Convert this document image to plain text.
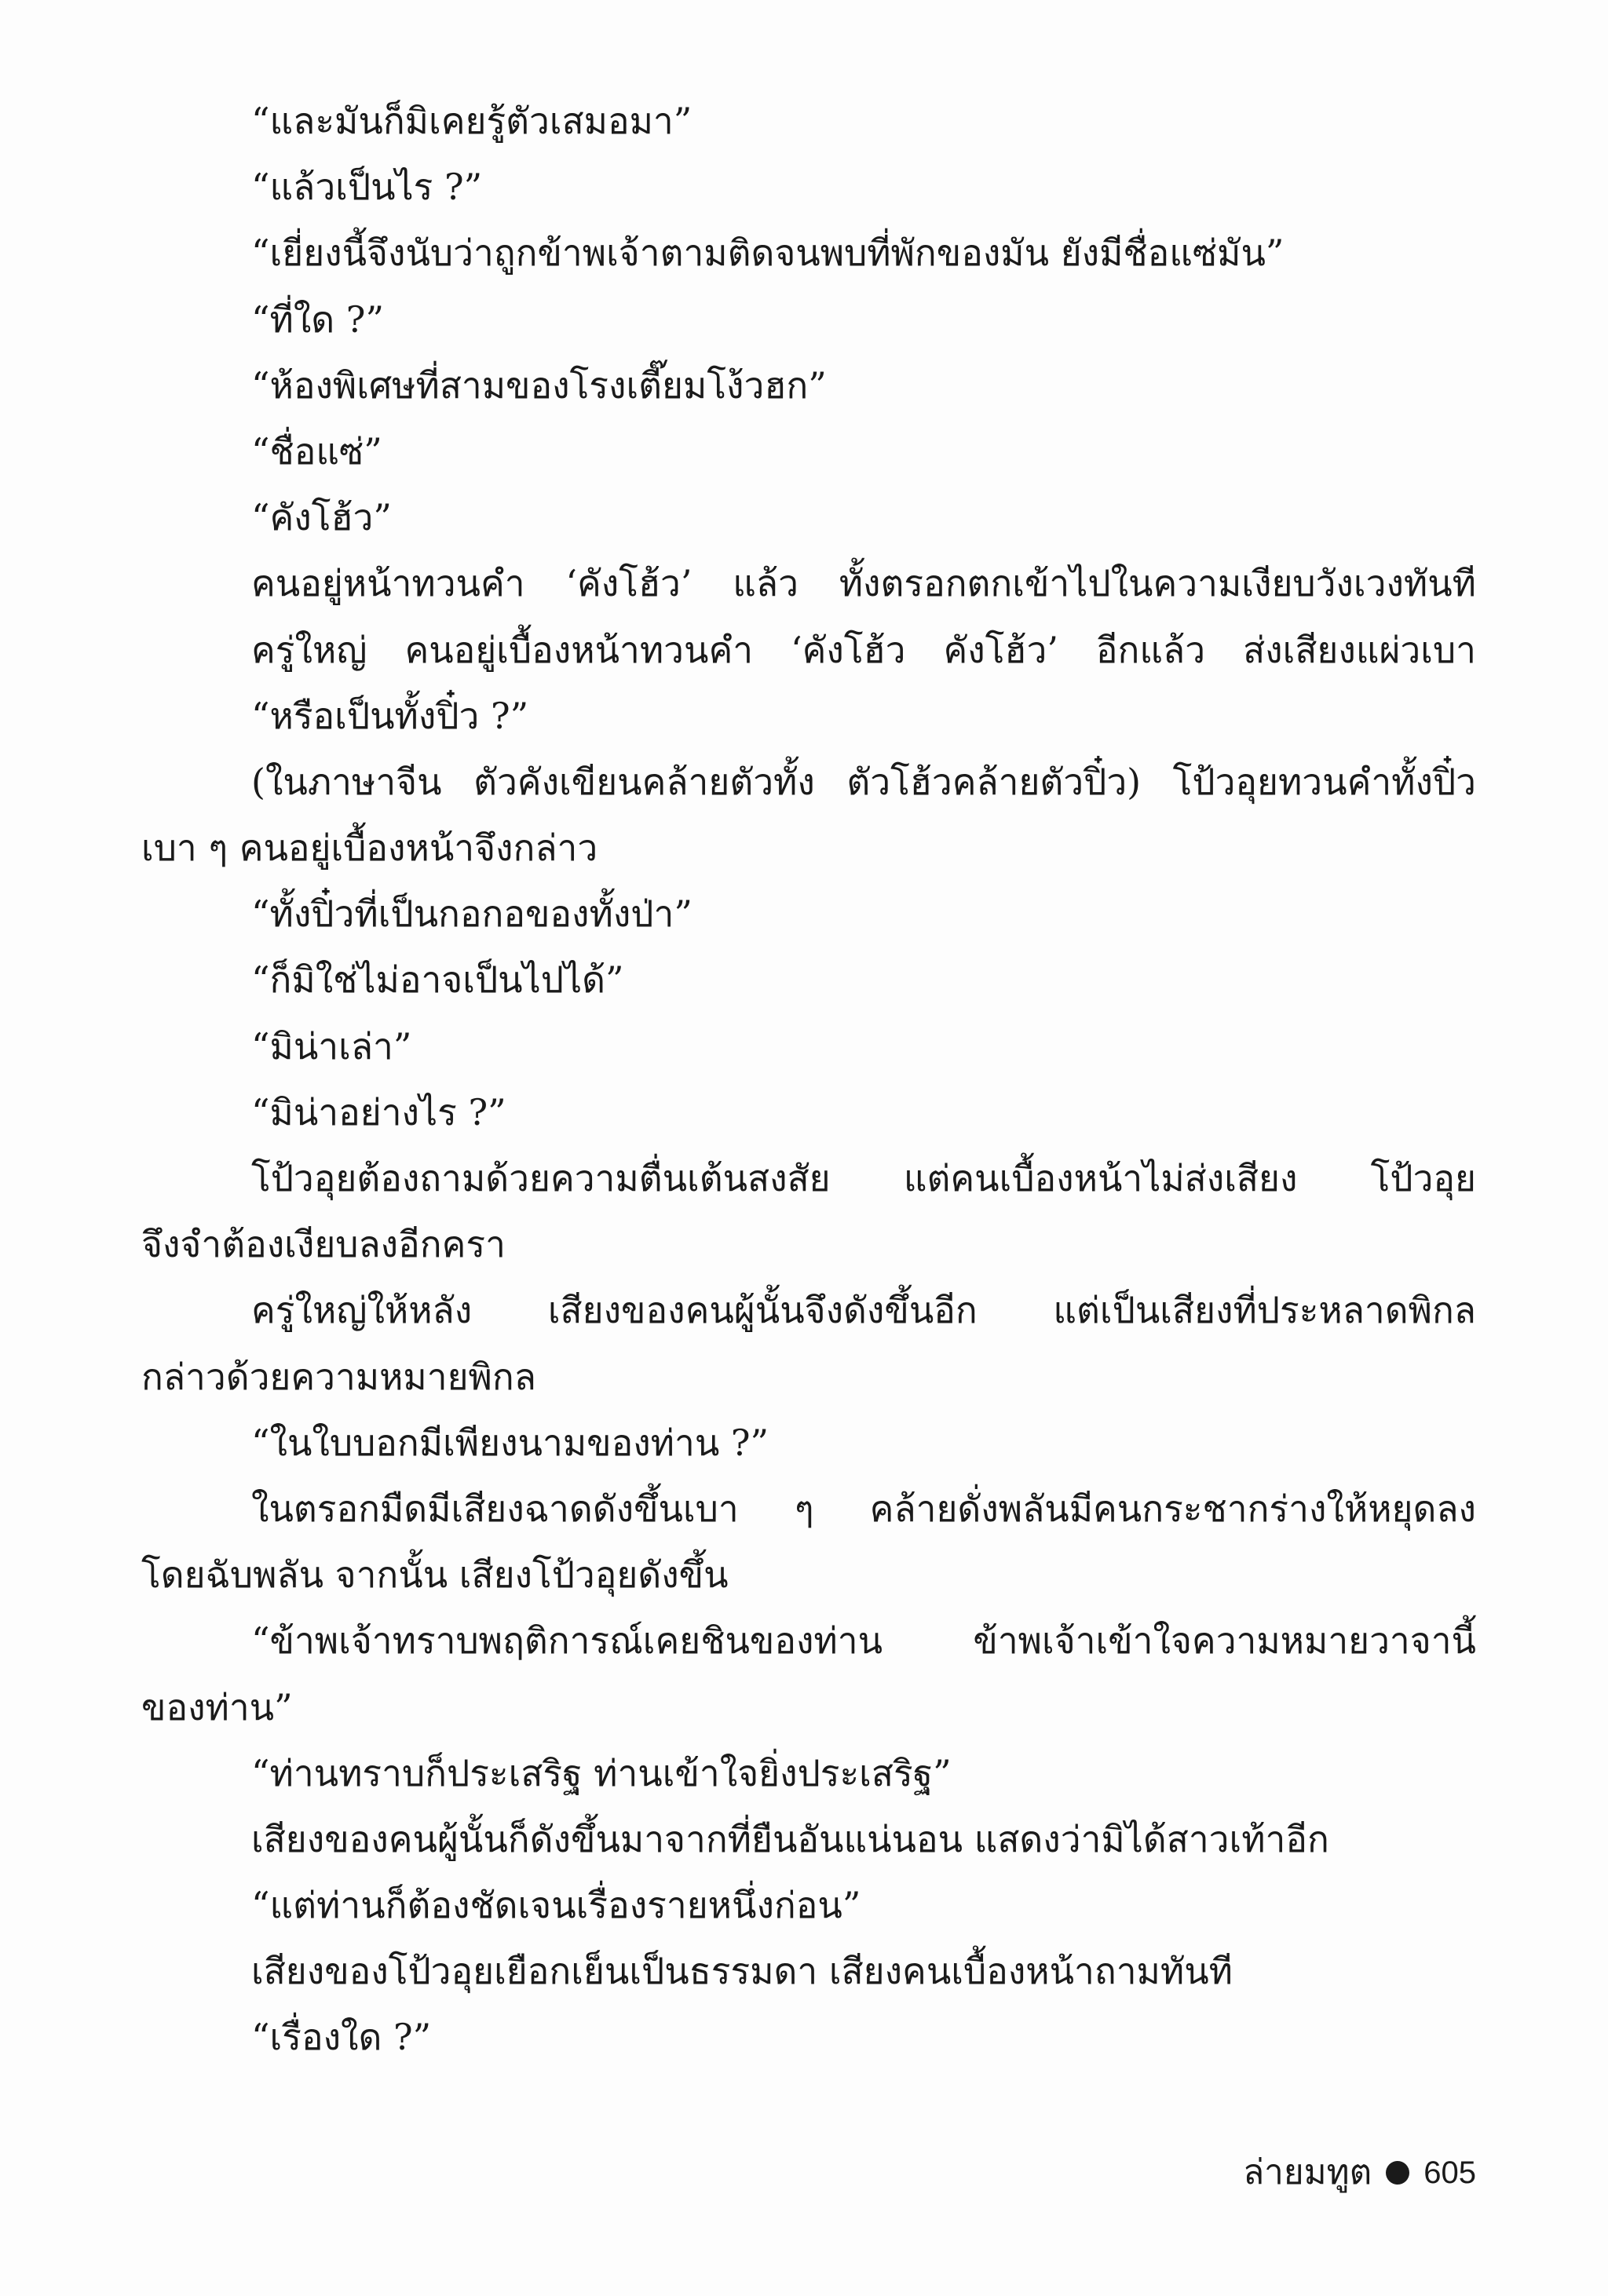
“และมันก็มิเคยรู้ตัวเสมอมา”
“แล้วเป็นไร ?”
“เยี่ยงนี้จึงนับว่าถูกข้าพเจ้าตามติดจนพบที่พักของมัน ยังมีชื่อแซ่มัน”
“ที่ใด ?”
“ห้องพิเศษที่สามของโรงเตี๊ยมโง้วฮก”
“ชื่อแซ่”
“คังโฮ้ว”
คนอยู่หน้าทวนคำ ‘คังโฮ้ว’ แล้ว ทั้งตรอกตกเข้าไปในความเงียบวังเวงทันที
ครู่ใหญ่ คนอยู่เบื้องหน้าทวนคำ ‘คังโฮ้ว คังโฮ้ว’ อีกแล้ว ส่งเสียงแผ่วเบา
“หรือเป็นทั้งปิ๋ว ?”
(ในภาษาจีน ตัวคังเขียนคล้ายตัวทั้ง ตัวโฮ้วคล้ายตัวปิ๋ว) โป้วอุยทวนคำทั้งปิ๋ว
เบา ๆ คนอยู่เบื้องหน้าจึงกล่าว
“ทั้งปิ๋วที่เป็นกอกอของทั้งป่า”
“ก็มิใช่ไม่อาจเป็นไปได้”
“มิน่าเล่า”
“มิน่าอย่างไร ?”
โป้วอุยต้องถามด้วยความตื่นเต้นสงสัย แต่คนเบื้องหน้าไม่ส่งเสียง โป้วอุย
จึงจำต้องเงียบลงอีกครา
ครู่ใหญ่ให้หลัง เสียงของคนผู้นั้นจึงดังขึ้นอีก แต่เป็นเสียงที่ประหลาดพิกล
กล่าวด้วยความหมายพิกล
“ในใบบอกมีเพียงนามของท่าน ?”
ในตรอกมืดมีเสียงฉาดดังขึ้นเบา ๆ คล้ายดั่งพลันมีคนกระชากร่างให้หยุดลง
โดยฉับพลัน จากนั้น เสียงโป้วอุยดังขึ้น
“ข้าพเจ้าทราบพฤติการณ์เคยชินของท่าน ข้าพเจ้าเข้าใจความหมายวาจานี้
ของท่าน”
“ท่านทราบก็ประเสริฐ ท่านเข้าใจยิ่งประเสริฐ”
เสียงของคนผู้นั้นก็ดังขึ้นมาจากที่ยืนอันแน่นอน แสดงว่ามิได้สาวเท้าอีก
“แต่ท่านก็ต้องชัดเจนเรื่องรายหนึ่งก่อน”
เสียงของโป้วอุยเยือกเย็นเป็นธรรมดา เสียงคนเบื้องหน้าถามทันที
“เรื่องใด ?”
ล่ายมทูต 605
